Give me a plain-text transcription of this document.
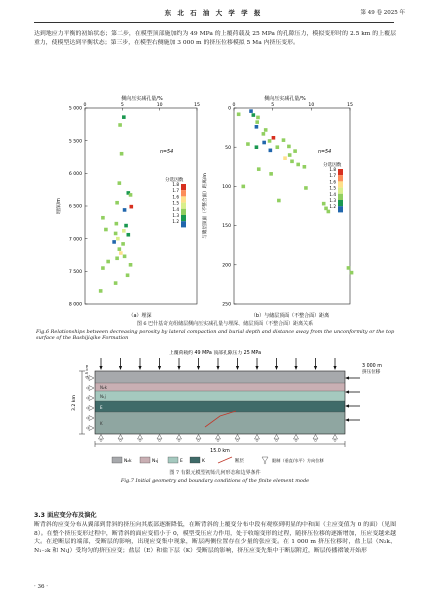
东 北 石 油 大 学 学 报	第 49 卷 2025 年
达到地应力平衡的初始状态；第二步，在模型顶部施加约为 49 MPa 的上覆荷载及 25 MPa 的孔隙压力，模拟变形时的 2.5 km 的上覆层重力，使模型达到平衡状态；第三步，在模型右侧施加 3 000 m 的挤压位移模拟 5 Ma 内挤压变形。
侧向压实减孔量/%
0	5	10	15
5 000
5 500
6 000
6 500
7 000
7 500
8 000
埋深/m
n=54
分选因数
1.8
1.7
1.6
1.5
1.4
1.3
1.2
（a）埋深
侧向压实减孔量/%
0	5	10	15
0
50
100
150
200
250
与储层顶面（不整合面）距离/m
n=54
分选因数
1.8
1.7
1.6
1.5
1.4
1.3
1.2
（b）与储层顶面（不整合面）距离
图 6 巴什基奇克组储层侧向压实减孔量与埋深、储层顶面（不整合面）距离关系
Fig.6 Relationships between decreasing porosity by lateral compaction and burial depth and distance away from the unconformity or the top surface of the Bashijiqike Formation
上覆荷载约 49 MPa 顶部孔隙压力 25 MPa
N₂k
N₁j
E
K
3 000 m
挤压位移
3.2 km
1.5 km
15.0 km
N₂k	N₁j	E	K	断层	限制（垂直/水平）方向位移
图 7 有限元模型初始几何形态和边界条件
Fig.7 Initial geometry and boundary conditions of the finite element mode
3.3 面应变分布及演化
断背斜的应变分布从翼部到背斜的挤压向其底部逐渐降低，在断背斜的上覆变分布中段有观察到明显的中和面（主应变值为 0 的面）（见图 8）。在整个挤压变形过程中，断背斜的面应变值小于 0，模型受压应力作用，处于收缩变形的过程，随挤压位移的逐渐增加，压应变越来越大。在逆断层的端部，受断层的影响，出现应变集中现象，断层两侧位置存在少量的张应变。在 1 000 m 挤压位移时，盐上层（N₂k、N₁₋₂k 和 N₁j）受均匀的挤压应变；盐层（E）和盐下层（K）受断层的影响，挤压应变先集中于断层附近，断层传播褶皱开始形
· 36 ·
